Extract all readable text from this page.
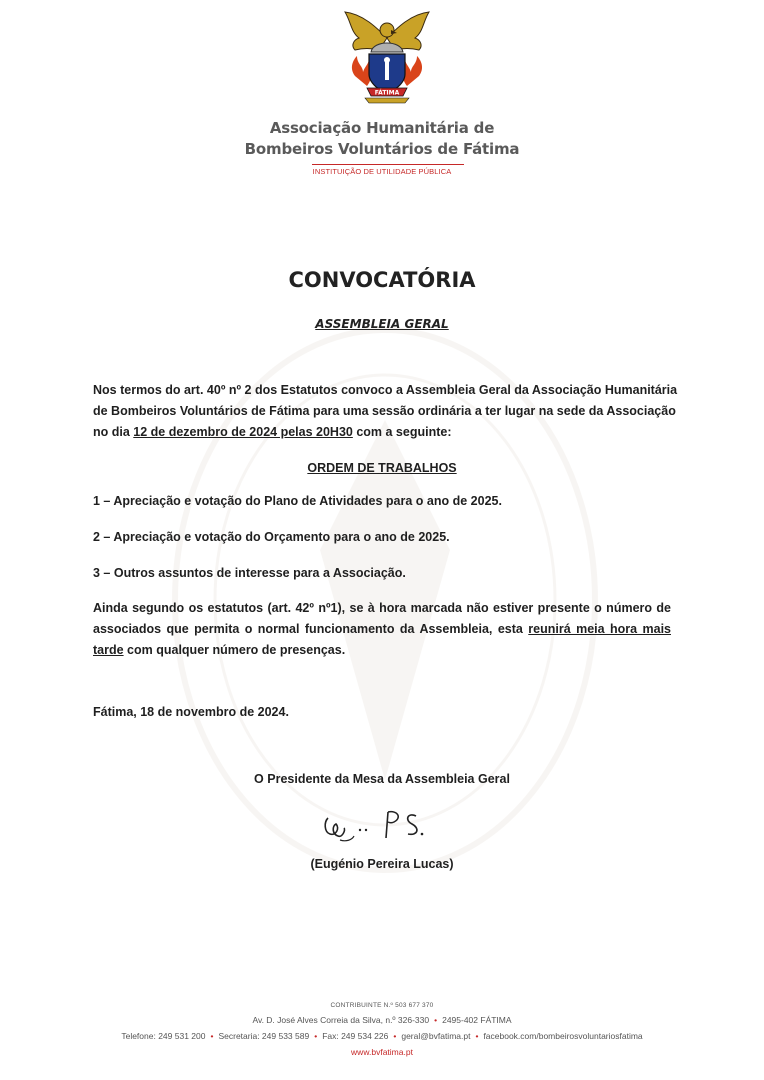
FÁTIMA
Associação Humanitária de
Bombeiros Voluntários de Fátima
INSTITUIÇÃO DE UTILIDADE PÚBLICA
CONVOCATÓRIA
ASSEMBLEIA GERAL
Nos termos do art. 40º nº 2 dos Estatutos convoco a Assembleia Geral da Associação Humanitária
de Bombeiros Voluntários de Fátima para uma sessão ordinária a ter lugar na sede da Associação
no dia 12 de dezembro de 2024 pelas 20H30 com a seguinte:
ORDEM DE TRABALHOS
1 – Apreciação e votação do Plano de Atividades para o ano de 2025.
2 – Apreciação e votação do Orçamento para o ano de 2025.
3 – Outros assuntos de interesse para a Associação.
Ainda segundo os estatutos (art. 42º nº1), se à hora marcada não estiver presente o número de
associados que permita o normal funcionamento da Assembleia, esta reunirá meia hora mais
tarde com qualquer número de presenças.
Fátima, 18 de novembro de 2024.
O Presidente da Mesa da Assembleia Geral
(Eugénio Pereira Lucas)
CONTRIBUINTE N.º 503 677 370
Av. D. José Alves Correia da Silva, n.º 326-330 • 2495-402 FÁTIMA
Telefone: 249 531 200 • Secretaria: 249 533 589 • Fax: 249 534 226 • geral@bvfatima.pt • facebook.com/bombeirosvoluntariosfatima
www.bvfatima.pt
